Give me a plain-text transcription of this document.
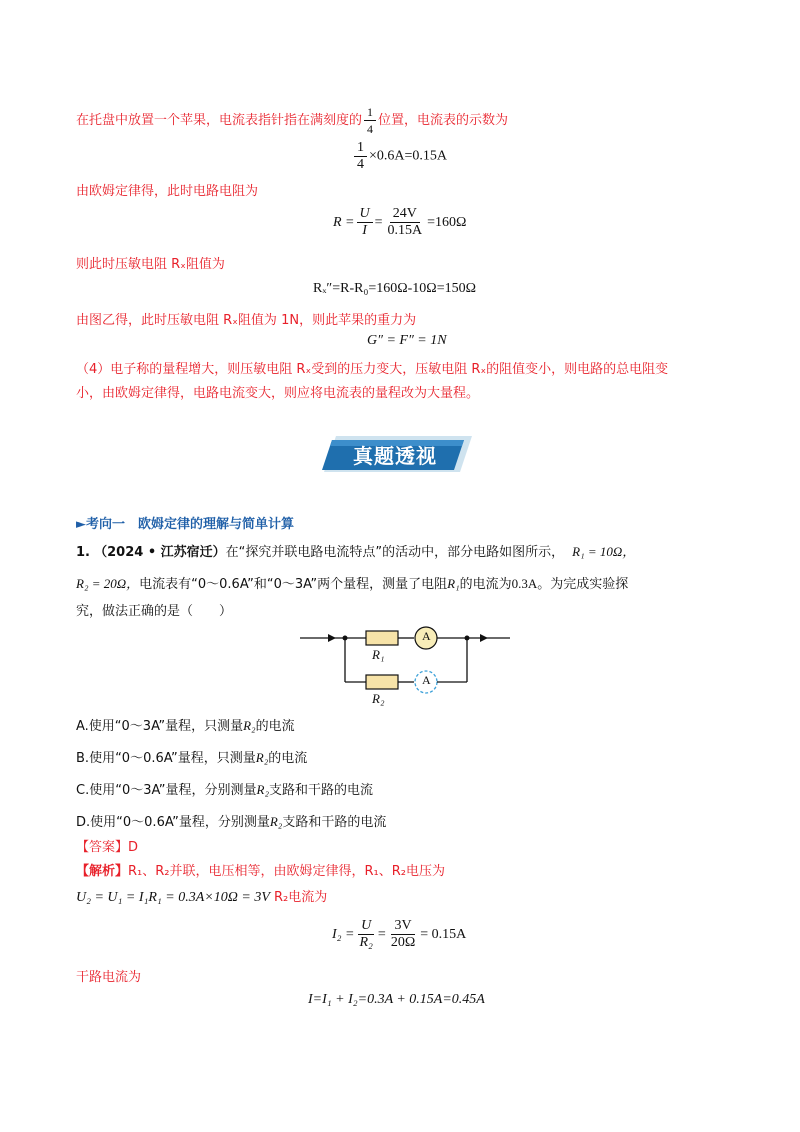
在托盘中放置一个苹果，电流表指针指在满刻度的 $\frac{1}{4}$ 位置，电流表的示数为
$\frac{1}{4} \times 0.6A=0.15A$
由欧姆定律得，此时电路电阻为
$R = \frac{U}{I} = \frac{24V}{0.15A} =160\Omega$
则此时压敏电阻 Rₓ阻值为
Rₓ″=R-R₀=160Ω-10Ω=150Ω
由图乙得，此时压敏电阻 Rₓ阻值为 1N，则此苹果的重力为
G″ = F″ = 1N
（4）电子称的量程增大，则压敏电阻 Rₓ受到的压力变大，压敏电阻 Rₓ的阻值变小，则电路的总电阻变
小，由欧姆定律得，电路电流变大，则应将电流表的量程改为大量程。
真题透视
►考向一　欧姆定律的理解与简单计算
1. （2024 • 江苏宿迁）在“探究并联电路电流特点”的活动中，部分电路如图所示， R₁ = 10Ω，
R₂ = 20Ω，电流表有“0～0.6A”和“0～3A”两个量程，测量了电阻R₁的电流为0.3A。为完成实验探
究，做法正确的是（　　）
A
A
R₁
R₂
A.使用“0～3A”量程，只测量R₂的电流
B.使用“0～0.6A”量程，只测量R₂的电流
C.使用“0～3A”量程，分别测量R₂支路和干路的电流
D.使用“0～0.6A”量程，分别测量R₂支路和干路的电流
【答案】D
【解析】R₁、R₂并联，电压相等，由欧姆定律得，R₁、R₂电压为
U₂ = U₁ = I₁R₁ = 0.3A×10Ω = 3V R₂电流为
$I_2 = \frac{U}{\text{R₂}} = \frac{3V}{20\Omega} = 0.15A$
干路电流为
I=I₁ + I₂=0.3A + 0.15A=0.45A
